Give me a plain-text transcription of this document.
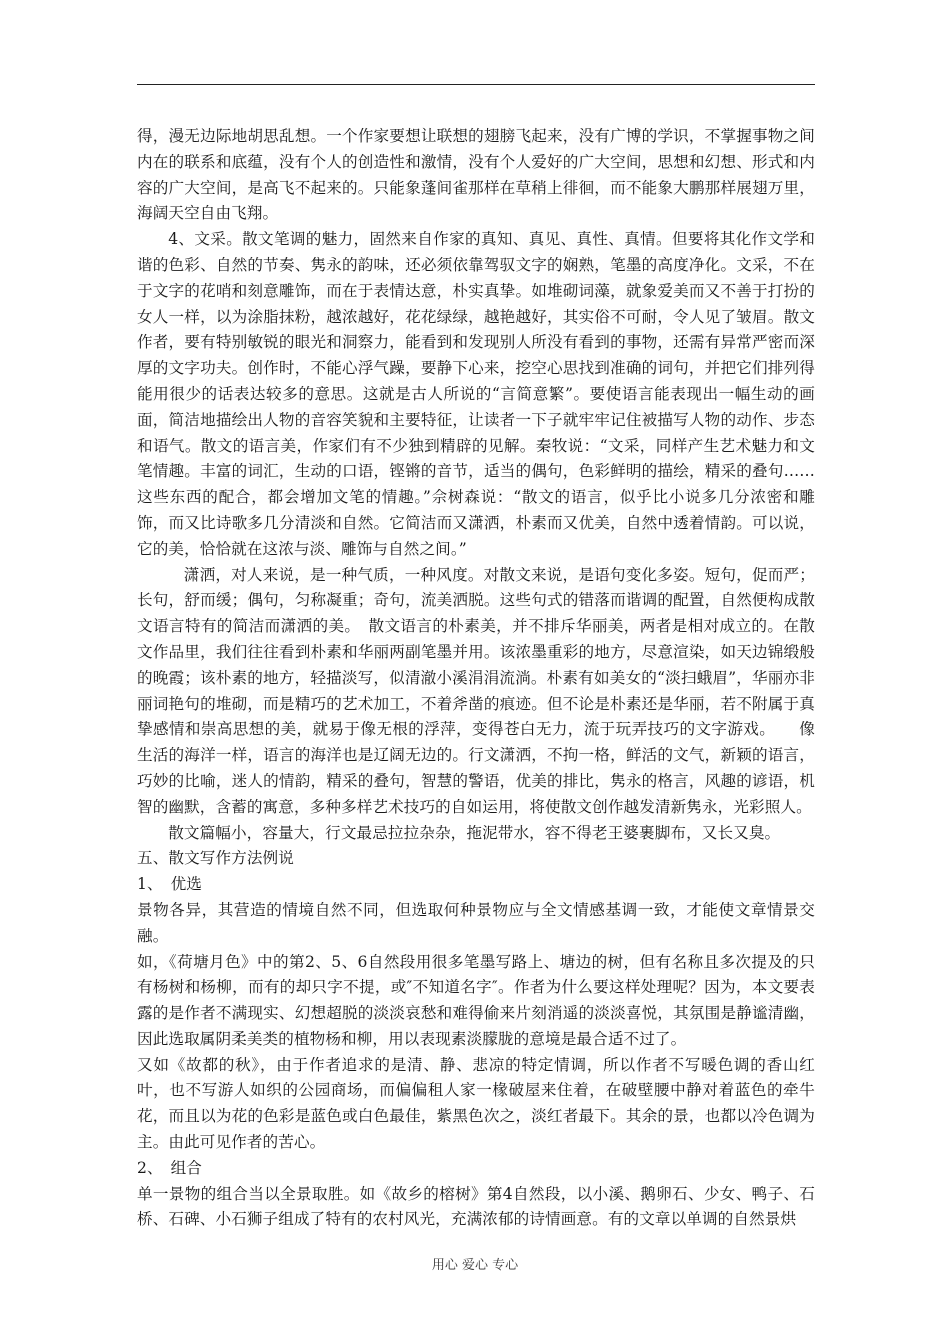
得，漫无边际地胡思乱想。一个作家要想让联想的翅膀飞起来，没有广博的学识，不掌握事物之间内在的联系和底蕴，没有个人的创造性和激情，没有个人爱好的广大空间，思想和幻想、形式和内容的广大空间，是高飞不起来的。只能象蓬间雀那样在草稍上徘徊，而不能象大鹏那样展翅万里，海阔天空自由飞翔。

4、文采。散文笔调的魅力，固然来自作家的真知、真见、真性、真情。但要将其化作文学和谐的色彩、自然的节奏、隽永的韵味，还必须依靠驾驭文字的娴熟，笔墨的高度净化。文采，不在于文字的花哨和刻意雕饰，而在于表情达意，朴实真挚。如堆砌词藻，就象爱美而又不善于打扮的女人一样，以为涂脂抹粉，越浓越好，花花绿绿，越艳越好，其实俗不可耐，令人见了皱眉。散文作者，要有特别敏锐的眼光和洞察力，能看到和发现别人所没有看到的事物，还需有异常严密而深厚的文字功夫。创作时，不能心浮气躁，要静下心来，挖空心思找到准确的词句，并把它们排列得能用很少的话表达较多的意思。这就是古人所说的“言简意繁”。要使语言能表现出一幅生动的画面，简洁地描绘出人物的音容笑貌和主要特征，让读者一下子就牢牢记住被描写人物的动作、步态和语气。散文的语言美，作家们有不少独到精辟的见解。秦牧说：“文采，同样产生艺术魅力和文笔情趣。丰富的词汇，生动的口语，铿锵的音节，适当的偶句，色彩鲜明的描绘，精采的叠句……这些东西的配合，都会增加文笔的情趣。”佘树森说：“散文的语言，似乎比小说多几分浓密和雕饰，而又比诗歌多几分清淡和自然。它简洁而又潇洒，朴素而又优美，自然中透着情韵。可以说，它的美，恰恰就在这浓与淡、雕饰与自然之间。”

潇洒，对人来说，是一种气质，一种风度。对散文来说，是语句变化多姿。短句，促而严；长句，舒而缓；偶句，匀称凝重；奇句，流美洒脱。这些句式的错落而谐调的配置，自然便构成散文语言特有的简洁而潇洒的美。　散文语言的朴素美，并不排斥华丽美，两者是相对成立的。在散文作品里，我们往往看到朴素和华丽两副笔墨并用。该浓墨重彩的地方，尽意渲染，如天边锦缎般的晚霞；该朴素的地方，轻描淡写，似清澈小溪涓涓流淌。朴素有如美女的“淡扫蛾眉”，华丽亦非丽词艳句的堆砌，而是精巧的艺术加工，不着斧凿的痕迹。但不论是朴素还是华丽，若不附属于真挚感情和崇高思想的美，就易于像无根的浮萍，变得苍白无力，流于玩弄技巧的文字游戏。　　像生活的海洋一样，语言的海洋也是辽阔无边的。行文潇洒，不拘一格，鲜活的文气，新颖的语言，巧妙的比喻，迷人的情韵，精采的叠句，智慧的警语，优美的排比，隽永的格言，风趣的谚语，机智的幽默，含蓄的寓意，多种多样艺术技巧的自如运用，将使散文创作越发清新隽永，光彩照人。

散文篇幅小，容量大，行文最忌拉拉杂杂，拖泥带水，容不得老王婆裹脚布，又长又臭。

五、散文写作方法例说

1、　优选

景物各异，其营造的情境自然不同，但选取何种景物应与全文情感基调一致，才能使文章情景交融。

如，《荷塘月色》中的第2、5、6自然段用很多笔墨写路上、塘边的树，但有名称且多次提及的只有杨树和杨柳，而有的却只字不提，或″不知道名字″。作者为什么要这样处理呢？因为，本文要表露的是作者不满现实、幻想超脱的淡淡哀愁和难得偷来片刻消遥的淡淡喜悦，其氛围是静谧清幽，因此选取属阴柔美类的植物杨和柳，用以表现素淡朦胧的意境是最合适不过了。

又如《故都的秋》，由于作者追求的是清、静、悲凉的特定情调，所以作者不写暖色调的香山红叶，也不写游人如织的公园商场，而偏偏租人家一椽破屋来住着，在破壁腰中静对着蓝色的牵牛花，而且以为花的色彩是蓝色或白色最佳，紫黑色次之，淡红者最下。其余的景，也都以冷色调为主。由此可见作者的苦心。

2、　组合

单一景物的组合当以全景取胜。如《故乡的榕树》第4自然段，以小溪、鹅卵石、少女、鸭子、石桥、石碑、小石狮子组成了特有的农村风光，充满浓郁的诗情画意。有的文章以单调的自然景烘

用心 爱心 专心
